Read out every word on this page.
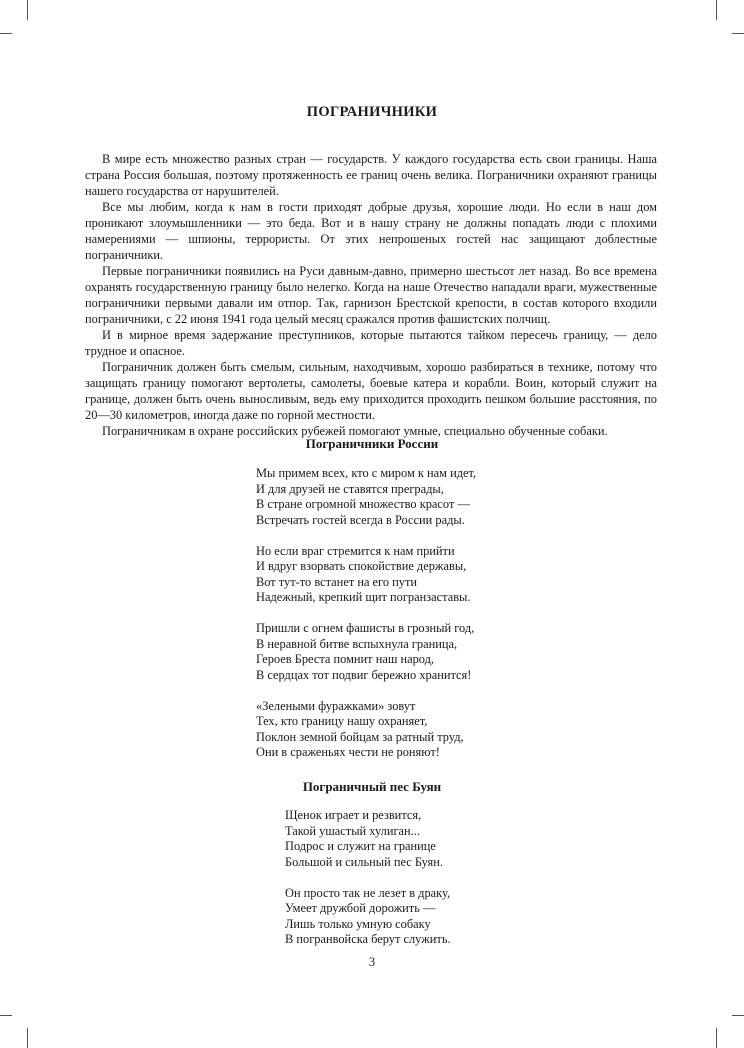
ПОГРАНИЧНИКИ

В мире есть множество разных стран — государств. У каждого государства есть свои границы. Наша страна Россия большая, поэтому протяженность ее границ очень велика. Пограничники охраняют границы нашего государства от нарушителей.

Все мы любим, когда к нам в гости приходят добрые друзья, хорошие люди. Но если в наш дом проникают злоумышленники — это беда. Вот и в нашу страну не должны попадать люди с плохими намерениями — шпионы, террористы. От этих непрошеных гостей нас защищают доблестные пограничники.

Первые пограничники появились на Руси давным-давно, примерно шестьсот лет назад. Во все времена охранять государственную границу было нелегко. Когда на наше Отечество нападали враги, мужественные пограничники первыми давали им отпор. Так, гарнизон Брестской крепости, в состав которого входили пограничники, с 22 июня 1941 года целый месяц сражался против фашистских полчищ.

И в мирное время задержание преступников, которые пытаются тайком пересечь границу, — дело трудное и опасное.

Пограничник должен быть смелым, сильным, находчивым, хорошо разбираться в технике, потому что защищать границу помогают вертолеты, самолеты, боевые катера и корабли. Воин, который служит на границе, должен быть очень выносливым, ведь ему приходится проходить пешком большие расстояния, по 20—30 километров, иногда даже по горной местности.

Пограничникам в охране российских рубежей помогают умные, специально обученные собаки.

Пограничники России
Мы примем всех, кто с миром к нам идет,
И для друзей не ставятся преграды,
В стране огромной множество красот —
Встречать гостей всегда в России рады.
Но если враг стремится к нам прийти
И вдруг взорвать спокойствие державы,
Вот тут-то встанет на его пути
Надежный, крепкий щит погранзаставы.
Пришли с огнем фашисты в грозный год,
В неравной битве вспыхнула граница,
Героев Бреста помнит наш народ,
В сердцах тот подвиг бережно хранится!
«Зелеными фуражками» зовут
Тех, кто границу нашу охраняет,
Поклон земной бойцам за ратный труд,
Они в сраженьях чести не роняют!
Пограничный пес Буян
Щенок играет и резвится,
Такой ушастый хулиган...
Подрос и служит на границе
Большой и сильный пес Буян.
Он просто так не лезет в драку,
Умеет дружбой дорожить —
Лишь только умную собаку
В погранвойска берут служить.
3
